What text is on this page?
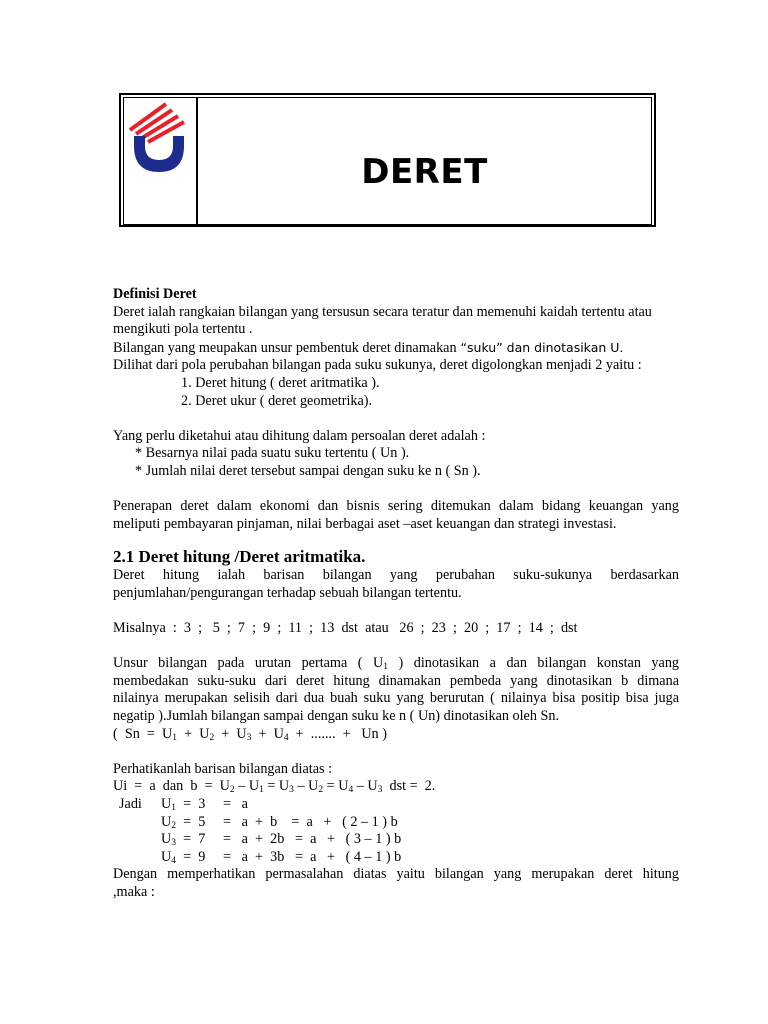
DERET

Definisi Deret

Deret ialah rangkaian bilangan yang tersusun secara teratur dan memenuhi kaidah tertentu atau

mengikuti pola tertentu .

Bilangan yang meupakan unsur pembentuk deret dinamakan “suku” dan dinotasikan U.

Dilihat dari pola perubahan bilangan pada suku sukunya, deret digolongkan menjadi 2 yaitu :

1. Deret hitung ( deret aritmatika ).

2. Deret ukur ( deret geometrika).

Yang perlu diketahui atau dihitung dalam persoalan deret adalah :

* Besarnya nilai pada suatu suku tertentu ( Un ).

* Jumlah nilai deret tersebut sampai dengan suku ke n ( Sn ).

Penerapan deret dalam ekonomi dan bisnis sering ditemukan dalam bidang keuangan yang

meliputi pembayaran pinjaman, nilai berbagai aset –aset keuangan dan strategi investasi.

2.1 Deret hitung /Deret aritmatika.

Deret hitung ialah barisan bilangan yang perubahan suku-sukunya berdasarkan

penjumlahan/pengurangan terhadap sebuah bilangan tertentu.

Misalnya  :  3  ;   5  ;  7  ;  9  ;  11  ;  13  dst  atau   26  ;  23  ;  20  ;  17  ;  14  ;  dst

Unsur bilangan pada urutan pertama ( $U_1$ ) dinotasikan a dan bilangan konstan yang

membedakan suku-suku dari deret hitung dinamakan pembeda yang dinotasikan b dimana

nilainya merupakan selisih dari dua buah suku yang berurutan ( nilainya bisa positip bisa juga

negatip ).Jumlah bilangan sampai dengan suku ke n ( Un) dinotasikan oleh Sn.

(  $Sn = U_1 + U_2 + U_3 + U_4$  +  .......  +   Un )

Perhatikanlah barisan bilangan diatas :

Ui  =  a  dan  $b = U_2 - U_1 = U_3 - U_2 = U_4 - U_3$  dst =  2.

Jadi	$U_1$	=  3     =   a
	$U_2$	=  5     =   a  +  b    =  a   +   ( 2 – 1 ) b
	$U_3$	=  7     =   a  +  2b   =  a   +   ( 3 – 1 ) b
	$U_4$	=  9     =   a  +  3b   =  a   +   ( 4 – 1 ) b

Dengan memperhatikan permasalahan diatas yaitu bilangan yang merupakan deret hitung

,maka :
